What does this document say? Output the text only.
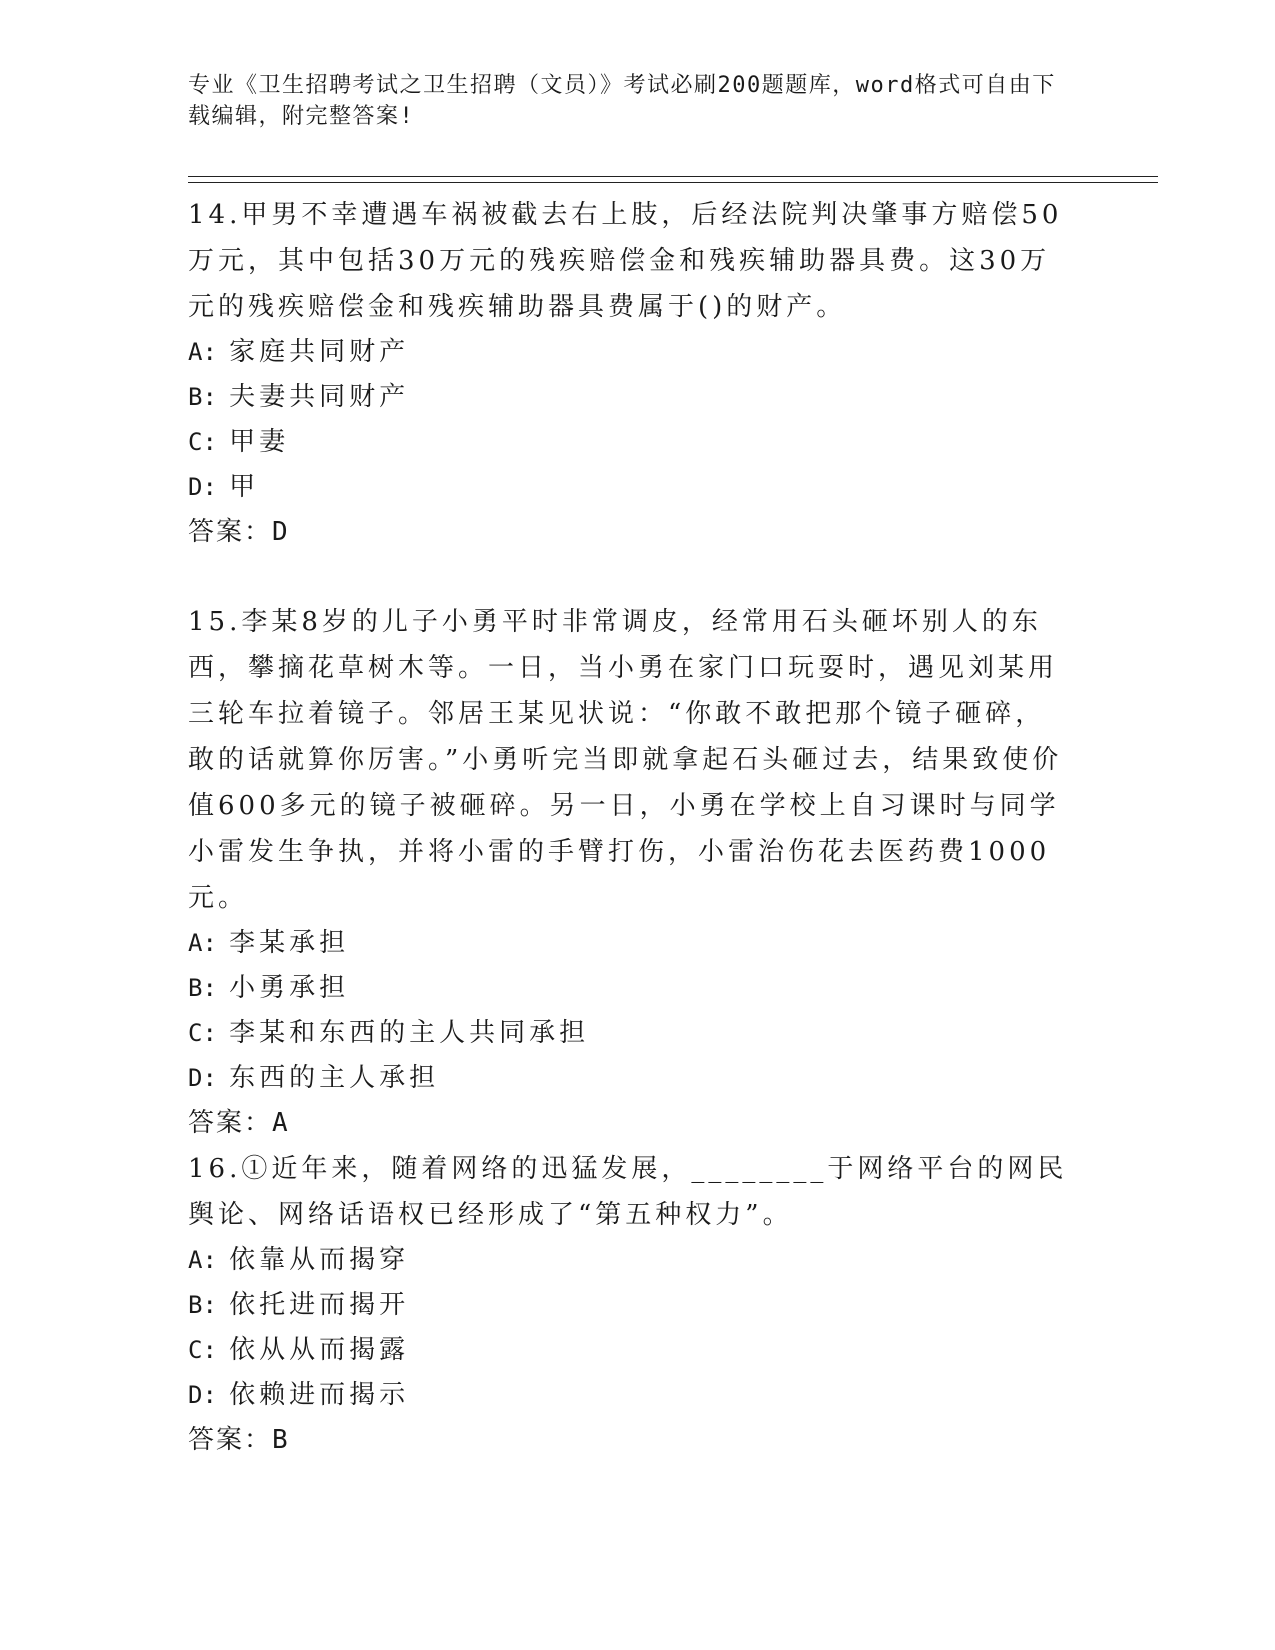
专业《卫生招聘考试之卫生招聘（文员）》考试必刷200题题库，word格式可自由下载编辑，附完整答案!
14.甲男不幸遭遇车祸被截去右上肢，后经法院判决肇事方赔偿50万元，其中包括30万元的残疾赔偿金和残疾辅助器具费。这30万元的残疾赔偿金和残疾辅助器具费属于()的财产。
A: 家庭共同财产
B: 夫妻共同财产
C: 甲妻
D: 甲
答案：D
15.李某8岁的儿子小勇平时非常调皮，经常用石头砸坏别人的东西，攀摘花草树木等。一日，当小勇在家门口玩耍时，遇见刘某用三轮车拉着镜子。邻居王某见状说：“你敢不敢把那个镜子砸碎，敢的话就算你厉害。”小勇听完当即就拿起石头砸过去，结果致使价值600多元的镜子被砸碎。另一日，小勇在学校上自习课时与同学小雷发生争执，并将小雷的手臂打伤，小雷治伤花去医药费1000元。
A: 李某承担
B: 小勇承担
C: 李某和东西的主人共同承担
D: 东西的主人承担
答案：A
16.①近年来，随着网络的迅猛发展，________于网络平台的网民舆论、网络话语权已经形成了“第五种权力”。
A: 依靠从而揭穿
B: 依托进而揭开
C: 依从从而揭露
D: 依赖进而揭示
答案：B
